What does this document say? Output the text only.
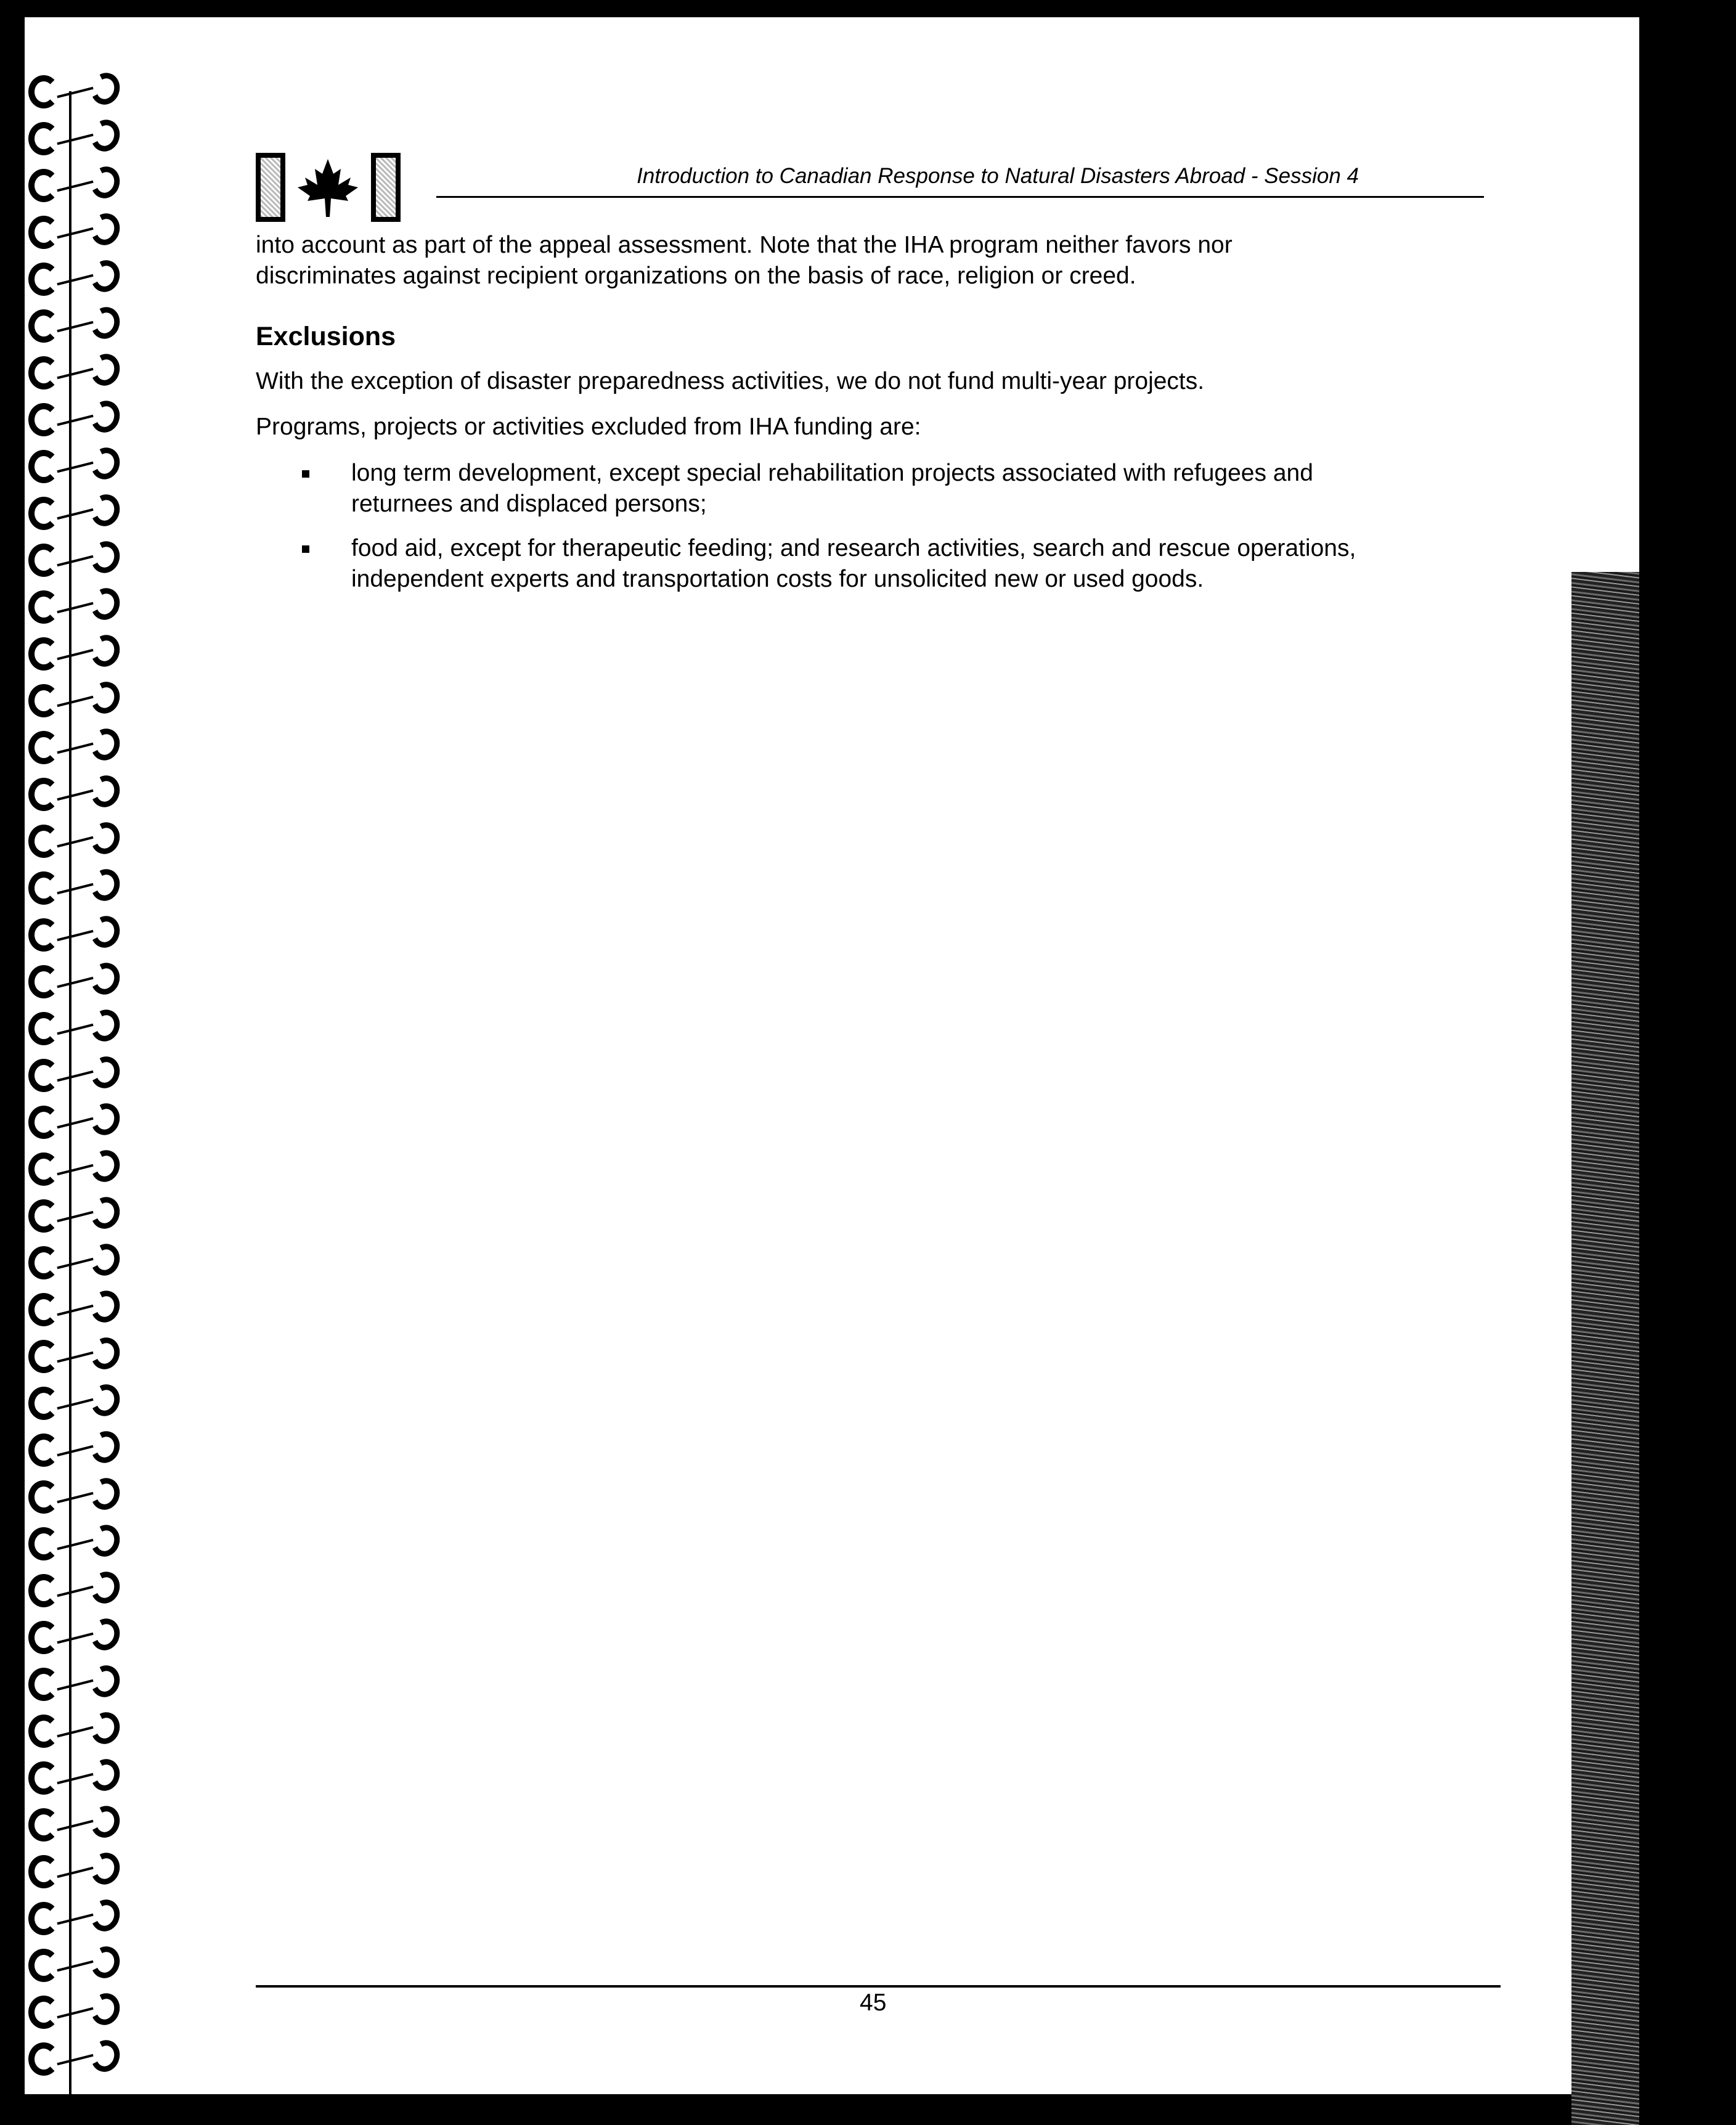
Introduction to Canadian Response to Natural Disasters Abroad - Session 4

into account as part of the appeal assessment. Note that the IHA program neither favors nor

discriminates against recipient organizations on the basis of race, religion or creed.

Exclusions

With the exception of disaster preparedness activities, we do not fund multi-year projects.

Programs, projects or activities excluded from IHA funding are:

long term development, except special rehabilitation projects associated with refugees and
returnees and displaced persons;
food aid, except for therapeutic feeding; and research activities, search and rescue operations,
independent experts and transportation costs for unsolicited new or used goods.
45
